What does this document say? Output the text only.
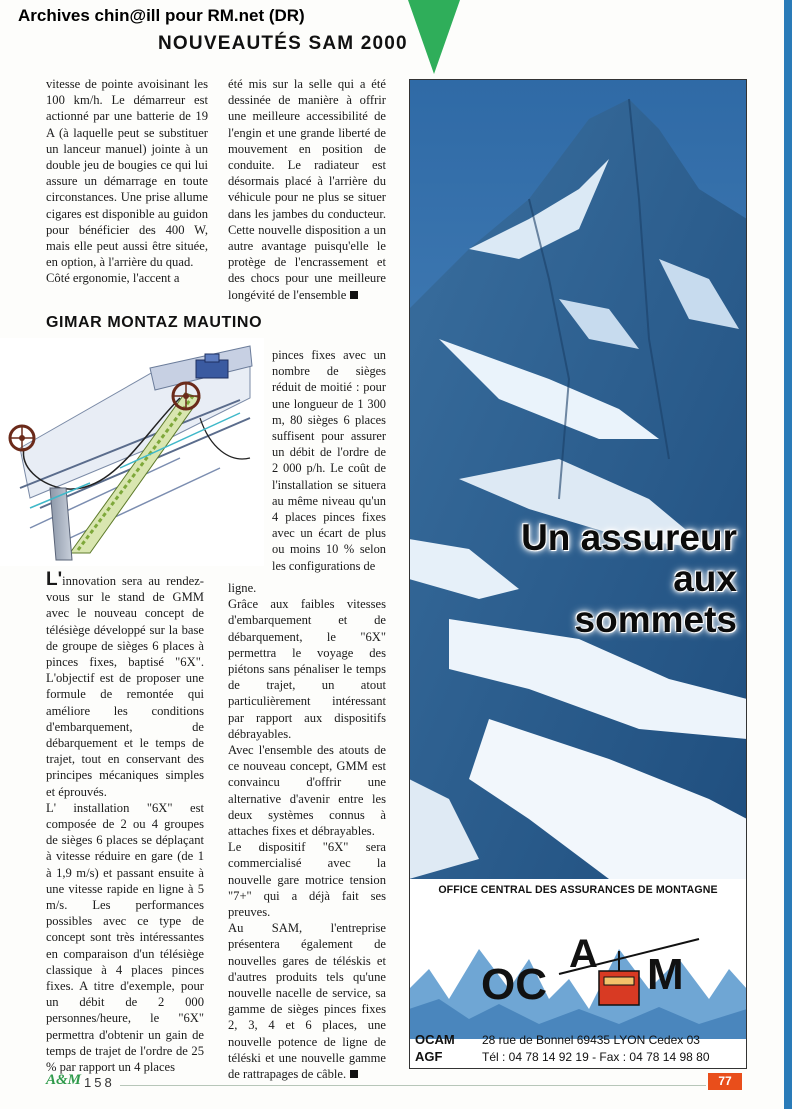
Archives chin@ill pour RM.net (DR)
NOUVEAUTÉS SAM 2000

vitesse de pointe avoisinant les 100 km/h. Le démarreur est actionné par une batterie de 19 A (à laquelle peut se substituer un lanceur manuel) jointe à un double jeu de bougies ce qui lui assure un démarrage en toute circonstances. Une prise allume cigares est disponible au guidon pour bénéficier des 400 W, mais elle peut aussi être située, en option, à l'arrière du quad.

Côté ergonomie, l'accent a

été mis sur la selle qui a été dessinée de manière à offrir une meilleure accessibilité de l'engin et une grande liberté de mouvement en position de conduite. Le radiateur est désormais placé à l'arrière du véhicule pour ne plus se situer dans les jambes du conducteur. Cette nouvelle disposition a un autre avantage puisqu'elle le protège de l'encrassement et des chocs pour une meilleure longévité de l'ensemble

GIMAR MONTAZ MAUTINO

pinces fixes avec un nombre de sièges réduit de moitié : pour une longueur de 1 300 m, 80 sièges 6 places suffisent pour assurer un débit de l'ordre de 2 000 p/h. Le coût de l'installation se situera au même niveau qu'un 4 places pinces fixes avec un écart de plus ou moins 10 % selon les configurations de

L'innovation sera au rendez-vous sur le stand de GMM avec le nouveau concept de télésiège développé sur la base de groupe de sièges 6 places à pinces fixes, baptisé "6X". L'objectif est de proposer une formule de remontée qui améliore les conditions d'embarquement, de débarquement et le temps de trajet, tout en conservant des principes mécaniques simples et éprouvés.

L' installation "6X" est composée de 2 ou 4 groupes de sièges 6 places se déplaçant à vitesse réduire en gare (de 1 à 1,9 m/s) et passant ensuite à une vitesse rapide en ligne à 5 m/s. Les performances possibles avec ce type de concept sont très intéressantes en comparaison d'un télésiège classique à 4 places pinces fixes. A titre d'exemple, pour un débit de 2 000 personnes/heure, le "6X" permettra d'obtenir un gain de temps de trajet de l'ordre de 25 % par rapport un 4 places

ligne.

Grâce aux faibles vitesses d'embarquement et de débarquement, le "6X" permettra le voyage des piétons sans pénaliser le temps de trajet, un atout particulièrement intéressant par rapport aux dispositifs débrayables.

Avec l'ensemble des atouts de ce nouveau concept, GMM est convaincu d'offrir une alternative d'avenir entre les deux systèmes connus à attaches fixes et débrayables.

Le dispositif "6X" sera commercialisé avec la nouvelle gare motrice tension "7+" qui a déjà fait ses preuves.

Au SAM, l'entreprise présentera également de nouvelles gares de téléskis et d'autres produits tels qu'une nouvelle nacelle de service, sa gamme de sièges pinces fixes 2, 3, 4 et 6 places, une nouvelle potence de ligne de téléski et une nouvelle gamme de rattrapages de câble.

Un assureur
aux
sommets
OFFICE CENTRAL DES ASSURANCES DE MONTAGNE
OC
A M
OCAM
AGF
28 rue de Bonnel 69435 LYON Cedex 03
Tél : 04 78 14 92 19 - Fax : 04 78 14 98 80
A&M 158	77
